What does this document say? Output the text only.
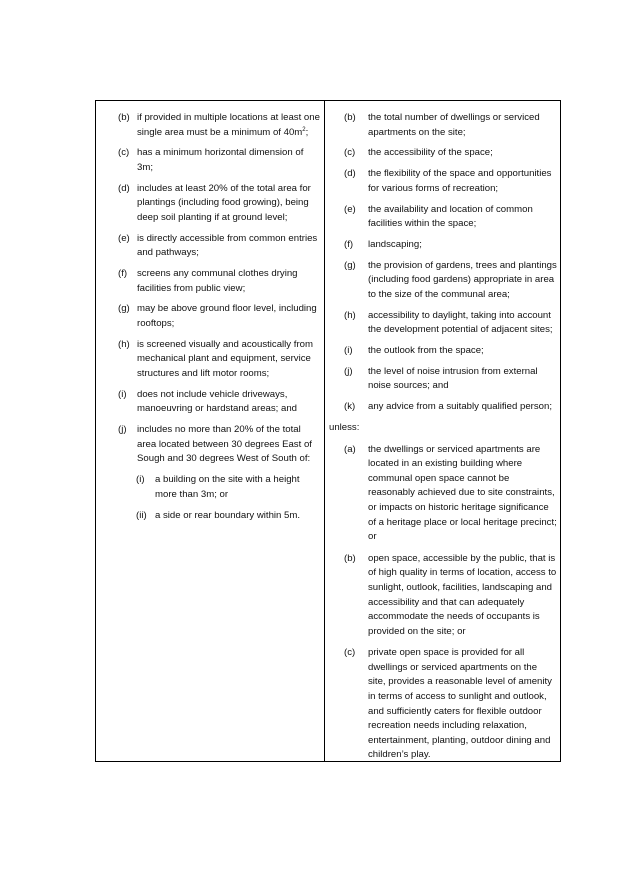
(b) if provided in multiple locations at least one single area must be a minimum of $40m^2$;
(c) has a minimum horizontal dimension of 3m;
(d) includes at least 20% of the total area for plantings (including food growing), being deep soil planting if at ground level;
(e) is directly accessible from common entries and pathways;
(f)	screens any communal clothes drying facilities from public view;
(g) may be above ground floor level, including rooftops;
(h) is screened visually and acoustically from mechanical plant and equipment, service structures and lift motor rooms;
(i)	does not include vehicle driveways, manoeuvring or hardstand areas; and
(j)	includes no more than 20% of the total area located between 30 degrees East of Sough and 30 degrees West of South of:
(i)	a building on the site with a height more than 3m; or
(ii) a side or rear boundary within 5m.
(b)	the total number of dwellings or serviced apartments on the site;
(c)	the accessibility of the space;
(d)	the flexibility of the space and opportunities for various forms of recreation;
(e)	the availability and location of common facilities within the space;
(f)	landscaping;
(g)	the provision of gardens, trees and plantings (including food gardens) appropriate in area to the size of the communal area;
(h)	accessibility to daylight, taking into account the development potential of adjacent sites;
(i)	the outlook from the space;
(j)	the level of noise intrusion from external noise sources; and
(k)	any advice from a suitably qualified person;
unless:
(a)	the dwellings or serviced apartments are located in an existing building where communal open space cannot be reasonably achieved due to site constraints, or impacts on historic heritage significance of a heritage place or local heritage precinct; or
(b)	open space, accessible by the public, that is of high quality in terms of location, access to sunlight, outlook, facilities, landscaping and accessibility and that can adequately accommodate the needs of occupants is provided on the site; or
(c)	private open space is provided for all dwellings or serviced apartments on the site, provides a reasonable level of amenity in terms of access to sunlight and outlook, and sufficiently caters for flexible outdoor recreation needs including relaxation, entertainment, planting, outdoor dining and children’s play.
